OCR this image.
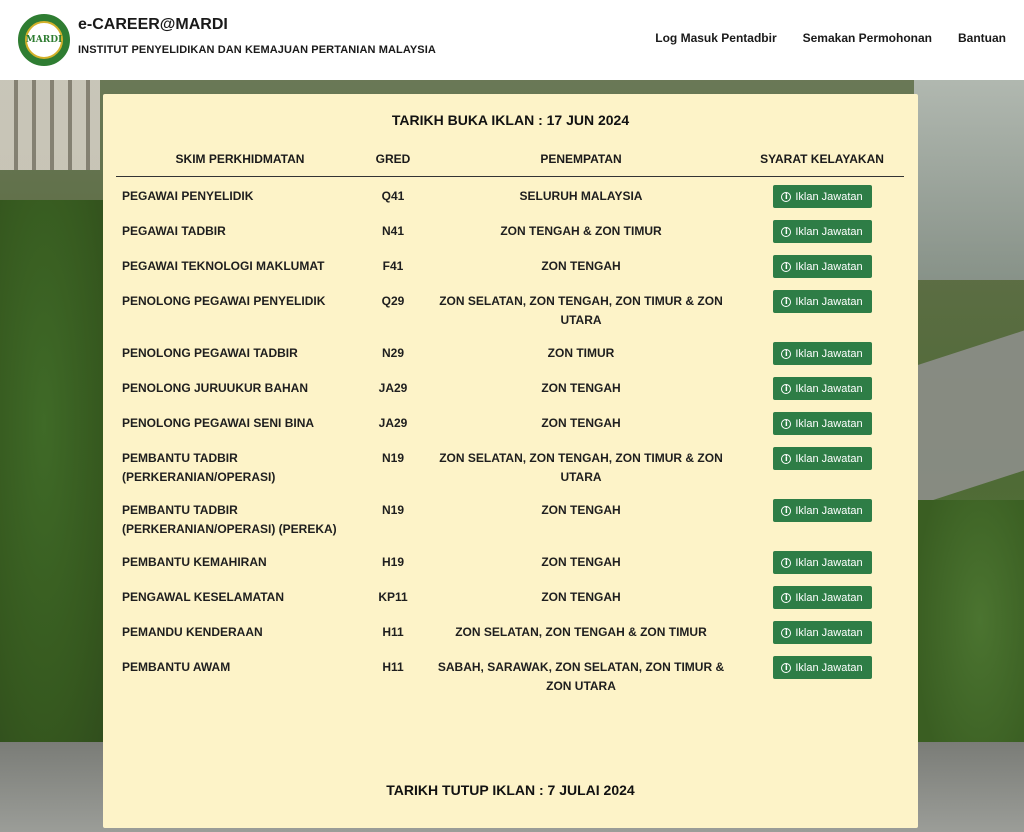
MARDI
e-CAREER@MARDI
INSTITUT PENYELIDIKAN DAN KEMAJUAN PERTANIAN MALAYSIA
Log Masuk Pentadbir Semakan Permohonan Bantuan
TARIKH BUKA IKLAN : 17 JUN 2024
SKIM PERKHIDMATAN	GRED	PENEMPATAN	SYARAT KELAYAKAN
PEGAWAI PENYELIDIK	Q41	SELURUH MALAYSIA	i Iklan Jawatan

PEGAWAI TADBIR	N41	ZON TENGAH & ZON TIMUR	i Iklan Jawatan

PEGAWAI TEKNOLOGI MAKLUMAT	F41	ZON TENGAH	i Iklan Jawatan

PENOLONG PEGAWAI PENYELIDIK	Q29	ZON SELATAN, ZON TENGAH, ZON TIMUR & ZON UTARA	i Iklan Jawatan

PENOLONG PEGAWAI TADBIR	N29	ZON TIMUR	i Iklan Jawatan

PENOLONG JURUUKUR BAHAN	JA29	ZON TENGAH	i Iklan Jawatan

PENOLONG PEGAWAI SENI BINA	JA29	ZON TENGAH	i Iklan Jawatan

PEMBANTU TADBIR (PERKERANIAN/OPERASI)	N19	ZON SELATAN, ZON TENGAH, ZON TIMUR & ZON UTARA	i Iklan Jawatan

PEMBANTU TADBIR (PERKERANIAN/OPERASI) (PEREKA)	N19	ZON TENGAH	i Iklan Jawatan

PEMBANTU KEMAHIRAN	H19	ZON TENGAH	i Iklan Jawatan

PENGAWAL KESELAMATAN	KP11	ZON TENGAH	i Iklan Jawatan

PEMANDU KENDERAAN	H11	ZON SELATAN, ZON TENGAH & ZON TIMUR	i Iklan Jawatan

PEMBANTU AWAM	H11	SABAH, SARAWAK, ZON SELATAN, ZON TIMUR & ZON UTARA	i Iklan Jawatan
TARIKH TUTUP IKLAN : 7 JULAI 2024
